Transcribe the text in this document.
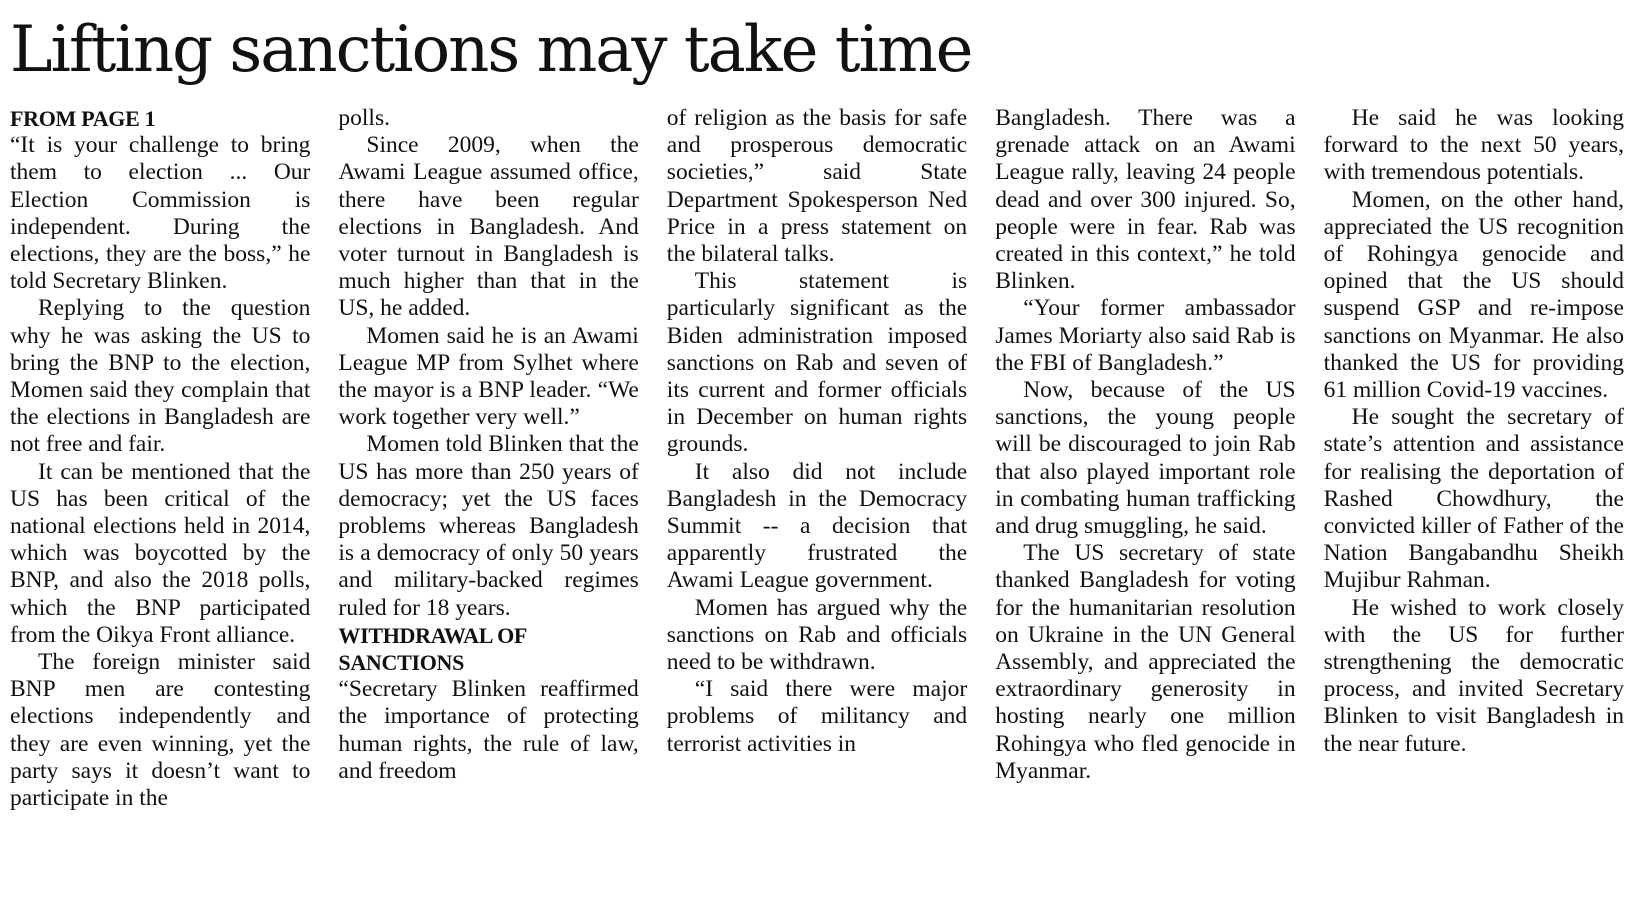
Lifting sanctions may take time
FROM PAGE 1

“It is your challenge to bring them to election ... Our Election Commission is independent. During the elections, they are the boss,” he told Secretary Blinken.

Replying to the question why he was asking the US to bring the BNP to the election, Momen said they complain that the elections in Bangladesh are not free and fair.

It can be mentioned that the US has been critical of the national elections held in 2014, which was boycotted by the BNP, and also the 2018 polls, which the BNP participated from the Oikya Front alliance.

The foreign minister said BNP men are contesting elections independently and they are even winning, yet the party says it doesn’t want to participate in the

polls.

Since 2009, when the Awami League assumed office, there have been regular elections in Bangladesh. And voter turnout in Bangladesh is much higher than that in the US, he added.

Momen said he is an Awami League MP from Sylhet where the mayor is a BNP leader. “We work together very well.”

Momen told Blinken that the US has more than 250 years of democracy; yet the US faces problems whereas Bangladesh is a democracy of only 50 years and military-backed regimes ruled for 18 years.

WITHDRAWAL OF SANCTIONS

“Secretary Blinken reaffirmed the importance of protecting human rights, the rule of law, and freedom

of religion as the basis for safe and prosperous democratic societies,” said State Department Spokesperson Ned Price in a press statement on the bilateral talks.

This statement is particularly significant as the Biden administration imposed sanctions on Rab and seven of its current and former officials in December on human rights grounds.

It also did not include Bangladesh in the Democracy Summit -- a decision that apparently frustrated the Awami League government.

Momen has argued why the sanctions on Rab and officials need to be withdrawn.

“I said there were major problems of militancy and terrorist activities in

Bangladesh. There was a grenade attack on an Awami League rally, leaving 24 people dead and over 300 injured. So, people were in fear. Rab was created in this context,” he told Blinken.

“Your former ambassador James Moriarty also said Rab is the FBI of Bangladesh.”

Now, because of the US sanctions, the young people will be discouraged to join Rab that also played important role in combating human trafficking and drug smuggling, he said.

The US secretary of state thanked Bangladesh for voting for the humanitarian resolution on Ukraine in the UN General Assembly, and appreciated the extraordinary generosity in hosting nearly one million Rohingya who fled genocide in Myanmar.

He said he was looking forward to the next 50 years, with tremendous potentials.

Momen, on the other hand, appreciated the US recognition of Rohingya genocide and opined that the US should suspend GSP and re-impose sanctions on Myanmar. He also thanked the US for providing 61 million Covid-19 vaccines.

He sought the secretary of state’s attention and assistance for realising the deportation of Rashed Chowdhury, the convicted killer of Father of the Nation Bangabandhu Sheikh Mujibur Rahman.

He wished to work closely with the US for further strengthening the democratic process, and invited Secretary Blinken to visit Bangladesh in the near future.
